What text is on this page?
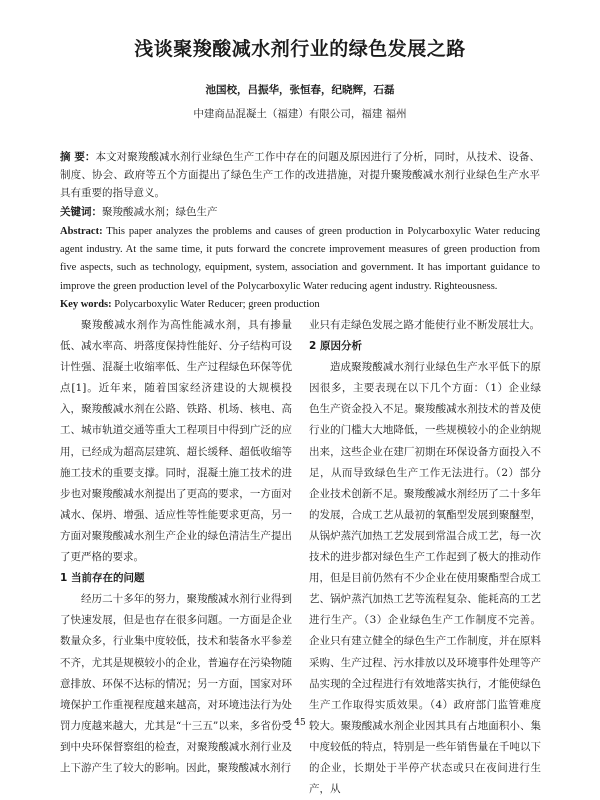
浅谈聚羧酸减水剂行业的绿色发展之路

池国校，吕振华，张恒春，纪晓辉，石磊

中建商品混凝土（福建）有限公司，福建 福州

摘 要：本文对聚羧酸减水剂行业绿色生产工作中存在的问题及原因进行了分析，同时，从技术、设备、制度、协会、政府等五个方面提出了绿色生产工作的改进措施，对提升聚羧酸减水剂行业绿色生产水平具有重要的指导意义。

关键词：聚羧酸减水剂；绿色生产

Abstract: This paper analyzes the problems and causes of green production in Polycarboxylic Water reducing agent industry. At the same time, it puts forward the concrete improvement measures of green production from five aspects, such as technology, equipment, system, association and government. It has important guidance to improve the green production level of the Polycarboxylic Water reducing agent industry. Righteousness.

Key words: Polycarboxylic Water Reducer; green production

聚羧酸减水剂作为高性能减水剂，具有掺量低、减水率高、坍落度保持性能好、分子结构可设计性强、混凝土收缩率低、生产过程绿色环保等优点[1]。近年来，随着国家经济建设的大规模投入，聚羧酸减水剂在公路、铁路、机场、核电、高工、城市轨道交通等重大工程项目中得到广泛的应用，已经成为超高层建筑、超长缓释、超低收缩等施工技术的重要支撑。同时，混凝土施工技术的进步也对聚羧酸减水剂提出了更高的要求，一方面对减水、保坍、增强、适应性等性能要求更高，另一方面对聚羧酸减水剂生产企业的绿色清洁生产提出了更严格的要求。

1 当前存在的问题

经历二十多年的努力，聚羧酸减水剂行业得到了快速发展，但是也存在很多问题。一方面是企业数量众多，行业集中度较低，技术和装备水平参差不齐，尤其是规模较小的企业，普遍存在污染物随意排放、环保不达标的情况；另一方面，国家对环境保护工作重视程度越来越高，对环境违法行为处罚力度越来越大，尤其是“十三五”以来，多省份受到中央环保督察组的检查，对聚羧酸减水剂行业及上下游产生了较大的影响。因此，聚羧酸减水剂行

业只有走绿色发展之路才能使行业不断发展壮大。

2 原因分析

造成聚羧酸减水剂行业绿色生产水平低下的原因很多，主要表现在以下几个方面：（1）企业绿色生产资金投入不足。聚羧酸减水剂技术的普及使行业的门槛大大地降低，一些规模较小的企业纳规出来，这些企业在建厂初期在环保设备方面投入不足，从而导致绿色生产工作无法进行。（2）部分企业技术创新不足。聚羧酸减水剂经历了二十多年的发展，合成工艺从最初的氧酯型发展到聚醚型，从锅炉蒸汽加热工艺发展到常温合成工艺，每一次技术的进步都对绿色生产工作起到了极大的推动作用，但是目前仍然有不少企业在使用聚酯型合成工艺、锅炉蒸汽加热工艺等流程复杂、能耗高的工艺进行生产。（3）企业绿色生产工作制度不完善。企业只有建立健全的绿色生产工作制度，并在原料采购、生产过程、污水排放以及环境事件处理等产品实现的全过程进行有效地落实执行，才能使绿色生产工作取得实质效果。（4）政府部门监管难度较大。聚羧酸减水剂企业因其具有占地面积小、集中度较低的特点，特别是一些年销售量在千吨以下的企业，长期处于半停产状态或只在夜间进行生产，从

－ 45 －
